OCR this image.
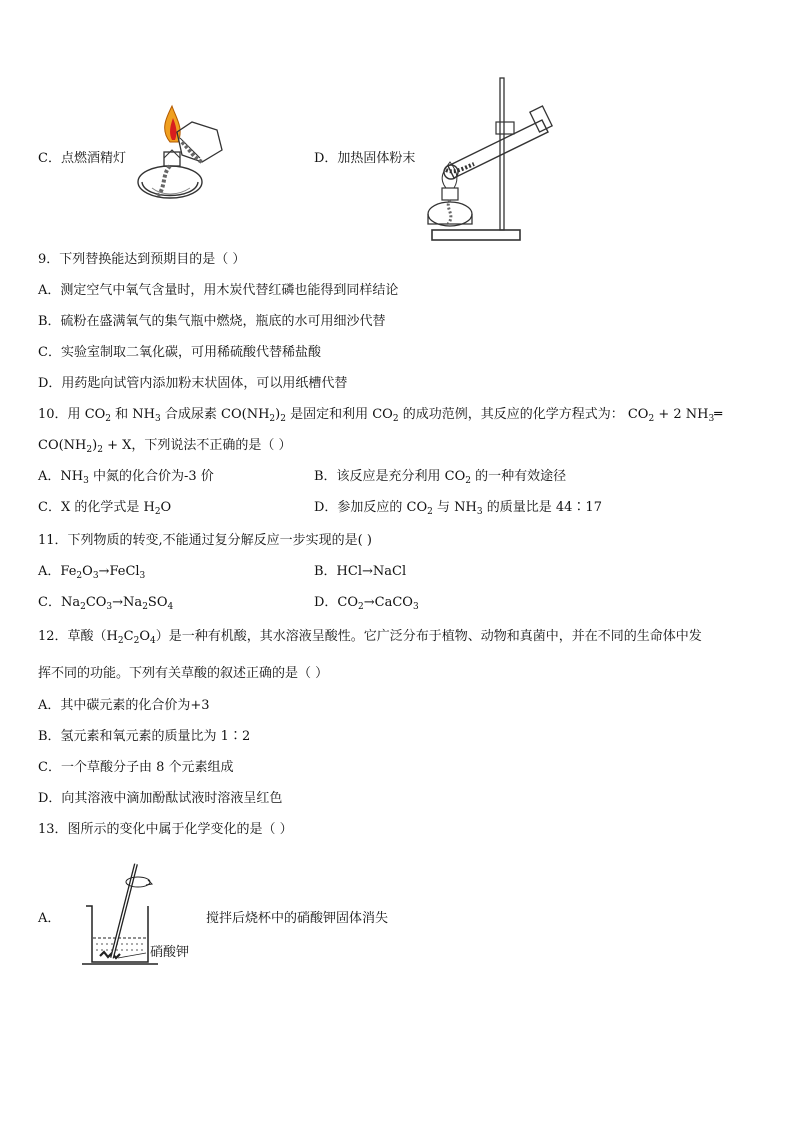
C．点燃酒精灯	D．加热固体粉末
9．下列替换能达到预期目的是（ ）
A．测定空气中氧气含量时，用木炭代替红磷也能得到同样结论
B．硫粉在盛满氧气的集气瓶中燃烧，瓶底的水可用细沙代替
C．实验室制取二氧化碳，可用稀硫酸代替稀盐酸
D．用药匙向试管内添加粉末状固体，可以用纸槽代替
10．用 $CO_2$ 和 $NH_3$ 合成尿素 $CO(NH_2)_2$ 是固定和利用 $CO_2$ 的成功范例，其反应的化学方程式为： $CO_2 + 2$ $NH_3═$
$CO(NH_2)_2 + X$，下列说法不正确的是（ ）
A．$NH_3$ 中氮的化合价为-3 价	B．该反应是充分利用 $CO_2$ 的一种有效途径
C．X 的化学式是 $H_2O$	D．参加反应的 $CO_2$ 与 $NH_3$ 的质量比是 44∶17
11．下列物质的转变,不能通过复分解反应一步实现的是( )
A．$Fe_2O_3\to FeCl_3$	B．HCl→NaCl
C．$Na_2CO_3\to Na_2SO_4$	D．$CO_2\to CaCO_3$
12．草酸$(H_2C_2O_4)$是一种有机酸，其水溶液呈酸性。它广泛分布于植物、动物和真菌中，并在不同的生命体中发
挥不同的功能。下列有关草酸的叙述正确的是（ ）
A．其中碳元素的化合价为+3
B．氢元素和氧元素的质量比为 1∶2
C．一个草酸分子由 8 个元素组成
D．向其溶液中滴加酚酞试液时溶液呈红色
13．图所示的变化中属于化学变化的是（ ）
A．
硝酸钾
搅拌后烧杯中的硝酸钾固体消失
